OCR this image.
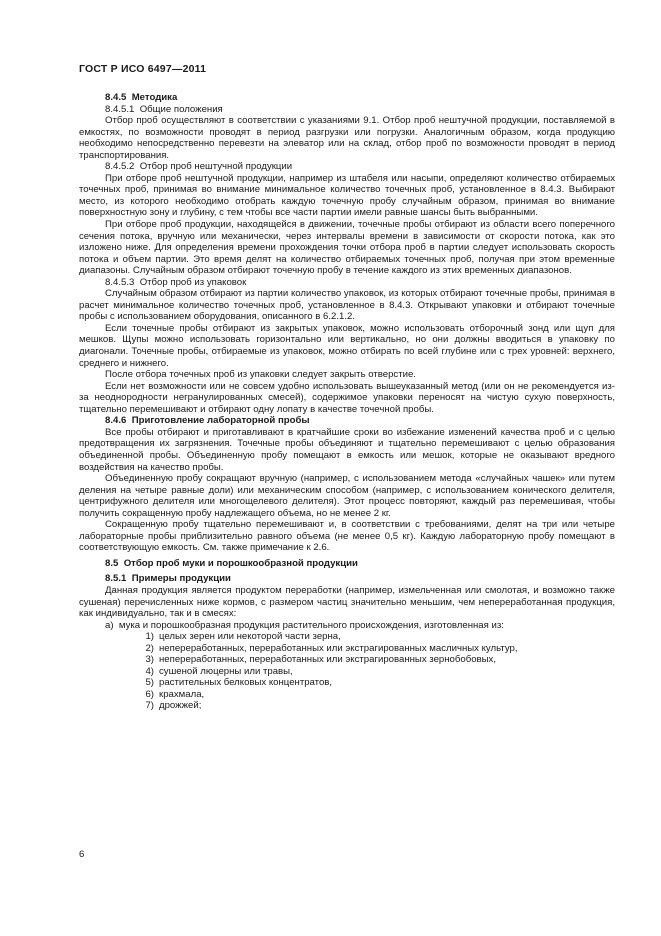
ГОСТ Р ИСО 6497—2011

8.4.5 Методика

8.4.5.1 Общие положения

Отбор проб осуществляют в соответствии с указаниями 9.1. Отбор проб нештучной продукции, поставляемой в емкостях, по возможности проводят в период разгрузки или погрузки. Аналогичным образом, когда продукцию необходимо непосредственно перевезти на элеватор или на склад, отбор проб по возможности проводят в период транспортирования.

8.4.5.2 Отбор проб нештучной продукции

При отборе проб нештучной продукции, например из штабеля или насыпи, определяют количество отбираемых точечных проб, принимая во внимание минимальное количество точечных проб, установленное в 8.4.3. Выбирают место, из которого необходимо отобрать каждую точечную пробу случайным образом, принимая во внимание поверхностную зону и глубину, с тем чтобы все части партии имели равные шансы быть выбранными.

При отборе проб продукции, находящейся в движении, точечные пробы отбирают из области всего поперечного сечения потока, вручную или механически, через интервалы времени в зависимости от скорости потока, как это изложено ниже. Для определения времени прохождения точки отбора проб в партии следует использовать скорость потока и объем партии. Это время делят на количество отбираемых точечных проб, получая при этом временные диапазоны. Случайным образом отбирают точечную пробу в течение каждого из этих временных диапазонов.

8.4.5.3 Отбор проб из упаковок

Случайным образом отбирают из партии количество упаковок, из которых отбирают точечные пробы, принимая в расчет минимальное количество точечных проб, установленное в 8.4.3. Открывают упаковки и отбирают точечные пробы с использованием оборудования, описанного в 6.2.1.2.

Если точечные пробы отбирают из закрытых упаковок, можно использовать отборочный зонд или щуп для мешков. Щупы можно использовать горизонтально или вертикально, но они должны вводиться в упаковку по диагонали. Точечные пробы, отбираемые из упаковок, можно отбирать по всей глубине или с трех уровней: верхнего, среднего и нижнего.

После отбора точечных проб из упаковки следует закрыть отверстие.

Если нет возможности или не совсем удобно использовать вышеуказанный метод (или он не рекомендуется из-за неоднородности негранулированных смесей), содержимое упаковки переносят на чистую сухую поверхность, тщательно перемешивают и отбирают одну лопату в качестве точечной пробы.

8.4.6 Приготовление лабораторной пробы

Все пробы отбирают и приготавливают в кратчайшие сроки во избежание изменений качества проб и с целью предотвращения их загрязнения. Точечные пробы объединяют и тщательно перемешивают с целью образования объединенной пробы. Объединенную пробу помещают в емкость или мешок, которые не оказывают вредного воздействия на качество пробы.

Объединенную пробу сокращают вручную (например, с использованием метода «случайных чашек» или путем деления на четыре равные доли) или механическим способом (например, с использованием конического делителя, центрифужного делителя или многощелевого делителя). Этот процесс повторяют, каждый раз перемешивая, чтобы получить сокращенную пробу надлежащего объема, но не менее 2 кг.

Сокращенную пробу тщательно перемешивают и, в соответствии с требованиями, делят на три или четыре лабораторные пробы приблизительно равного объема (не менее 0,5 кг). Каждую лабораторную пробу помещают в соответствующую емкость. См. также примечание к 2.6.

8.5 Отбор проб муки и порошкообразной продукции

8.5.1 Примеры продукции

Данная продукция является продуктом переработки (например, измельченная или смолотая, и возможно также сушеная) перечисленных ниже кормов, с размером частиц значительно меньшим, чем непереработанная продукция, как индивидуально, так и в смесях:

а) мука и порошкообразная продукция растительного происхождения, изготовленная из:

1) целых зерен или некоторой части зерна,

2) непереработанных, переработанных или экстрагированных масличных культур,

3) непереработанных, переработанных или экстрагированных зернобобовых,

4) сушеной люцерны или травы,

5) растительных белковых концентратов,

6) крахмала,

7) дрожжей;

6
